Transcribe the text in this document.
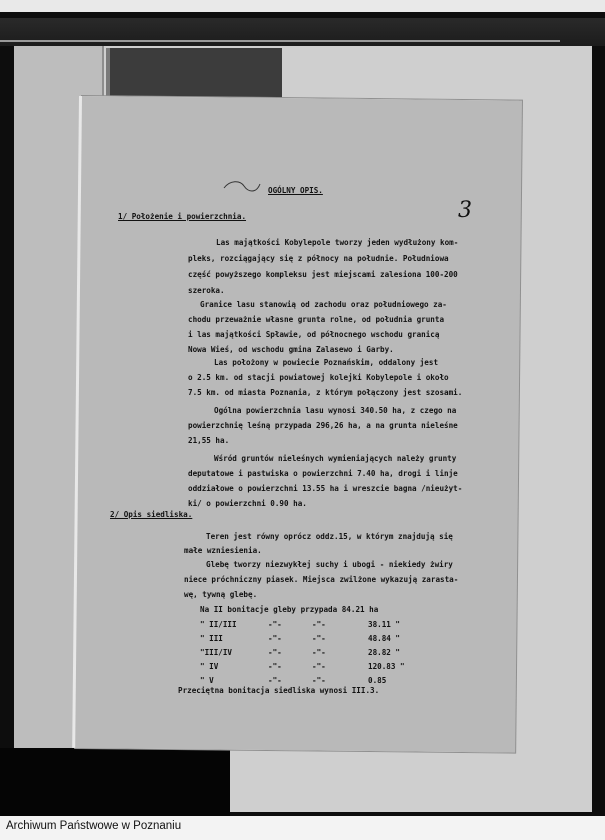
3
OGÓLNY OPIS.
1/ Położenie i powierzchnia.
Las majątkości Kobylepole tworzy jeden wydłużony kom-
pleks, rozciągający się z północy na południe. Południowa
część powyższego kompleksu jest miejscami zalesiona 100-200
szeroka.
Granice lasu stanowią od zachodu oraz południowego za-
chodu przeważnie własne grunta rolne, od południa grunta
i las majątkości Spławie, od północnego wschodu granicą
Nowa Wieś, od wschodu gmina Zalasewo i Garby.
Las położony w powiecie Poznańskim, oddalony jest
o 2.5 km. od stacji powiatowej kolejki Kobylepole i około
7.5 km. od miasta Poznania, z którym połączony jest szosami.
Ogólna powierzchnia lasu wynosi 340.50 ha, z czego na
powierzchnię leśną przypada 296,26 ha, a na grunta nieleśne
21,55 ha.
Wśród gruntów nieleśnych wymieniających należy grunty
deputatowe i pastwiska o powierzchni 7.40 ha, drogi i linje
oddziałowe o powierzchni 13.55 ha i wreszcie bagna /nieużyt-
ki/ o powierzchni 0.90 ha.
2/ Opis siedliska.
Teren jest równy oprócz oddz.15, w którym znajdują się
małe wzniesienia.
Glebę tworzy niezwykłej suchy i ubogi - niekiedy żwiry
niece próchniczny piasek. Miejsca zwilżone wykazują zarasta-
wę, tywną glebę.
Na II bonitacje gleby przypada 84.21 ha
" II/III	-"-	-"-	38.11 "
" III	-"-	-"-	48.84 "
"III/IV	-"-	-"-	28.82 "
" IV	-"-	-"-	120.83 "
" V	-"-	-"-	0.85
Przeciętna bonitacja siedliska wynosi III.3.
Archiwum Państwowe w Poznaniu
